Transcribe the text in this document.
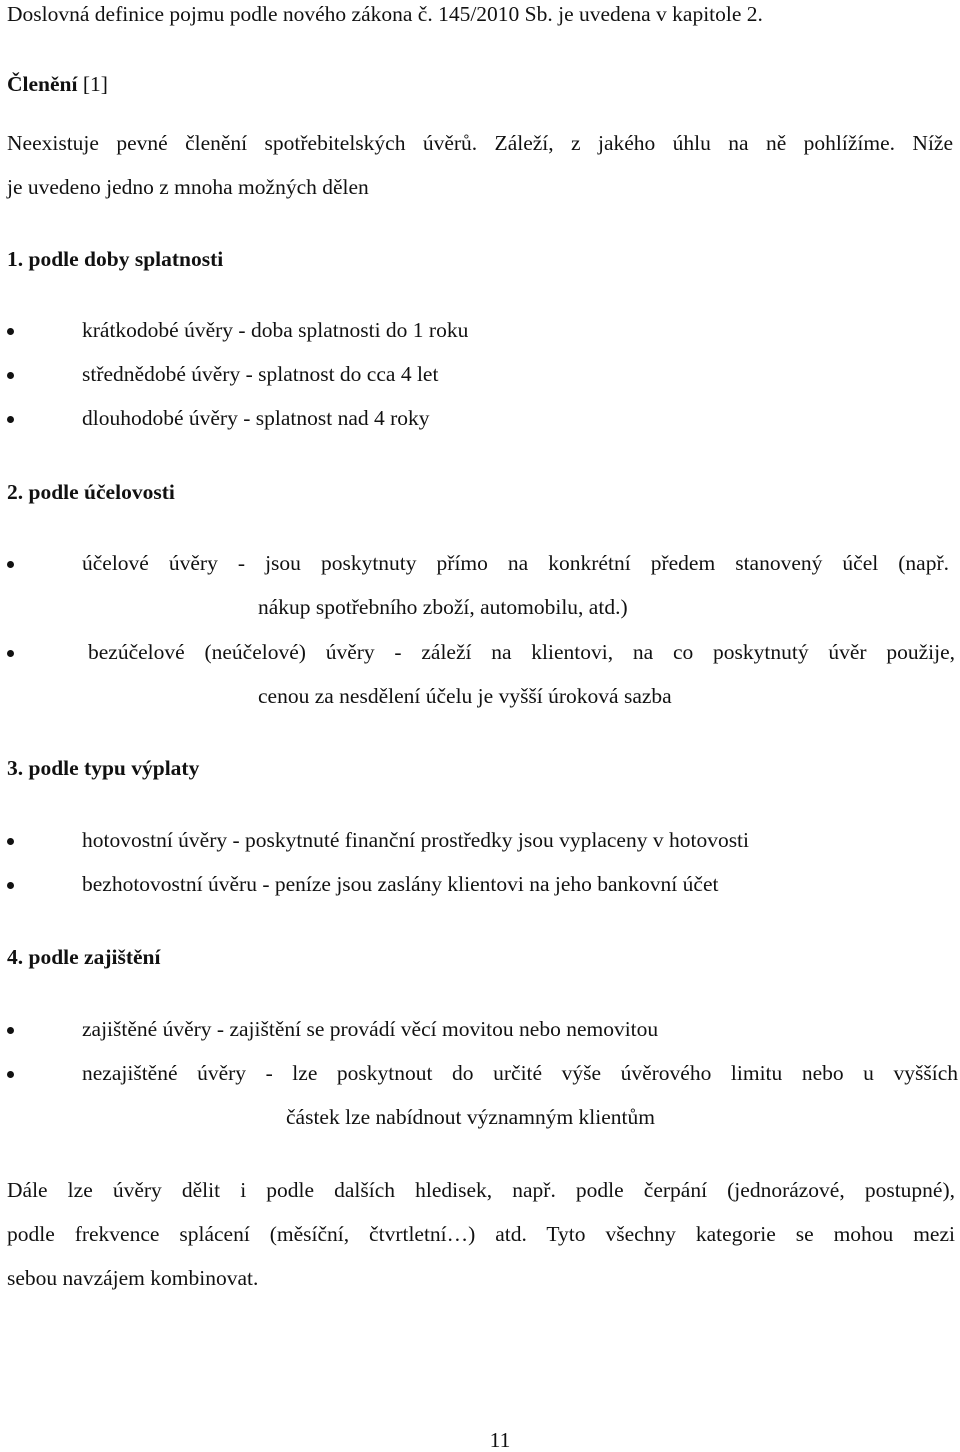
Doslovná definice pojmu podle nového zákona č. 145/2010 Sb. je uvedena v kapitole 2.

Členění [1]

Neexistuje pevné členění spotřebitelských úvěrů. Záleží, z jakého úhlu na ně pohlížíme. Níže

je uvedeno jedno z mnoha možných dělen

1. podle doby splatnosti

krátkodobé úvěry - doba splatnosti do 1 roku

střednědobé úvěry - splatnost do cca 4 let

dlouhodobé úvěry - splatnost nad 4 roky

2. podle účelovosti

účelové úvěry - jsou poskytnuty přímo na konkrétní předem stanovený účel (např.

nákup spotřebního zboží, automobilu, atd.)

bezúčelové (neúčelové) úvěry - záleží na klientovi, na co poskytnutý úvěr použije,

cenou za nesdělení účelu je vyšší úroková sazba

3. podle typu výplaty

hotovostní úvěry - poskytnuté finanční prostředky jsou vyplaceny v hotovosti

bezhotovostní úvěru - peníze jsou zaslány klientovi na jeho bankovní účet

4. podle zajištění

zajištěné úvěry - zajištění se provádí věcí movitou nebo nemovitou

nezajištěné úvěry - lze poskytnout do určité výše úvěrového limitu nebo u vyšších

částek lze nabídnout významným klientům

Dále lze úvěry dělit i podle dalších hledisek, např. podle čerpání (jednorázové, postupné),

podle frekvence splácení (měsíční, čtvrtletní…) atd. Tyto všechny kategorie se mohou mezi

sebou navzájem kombinovat.

11
